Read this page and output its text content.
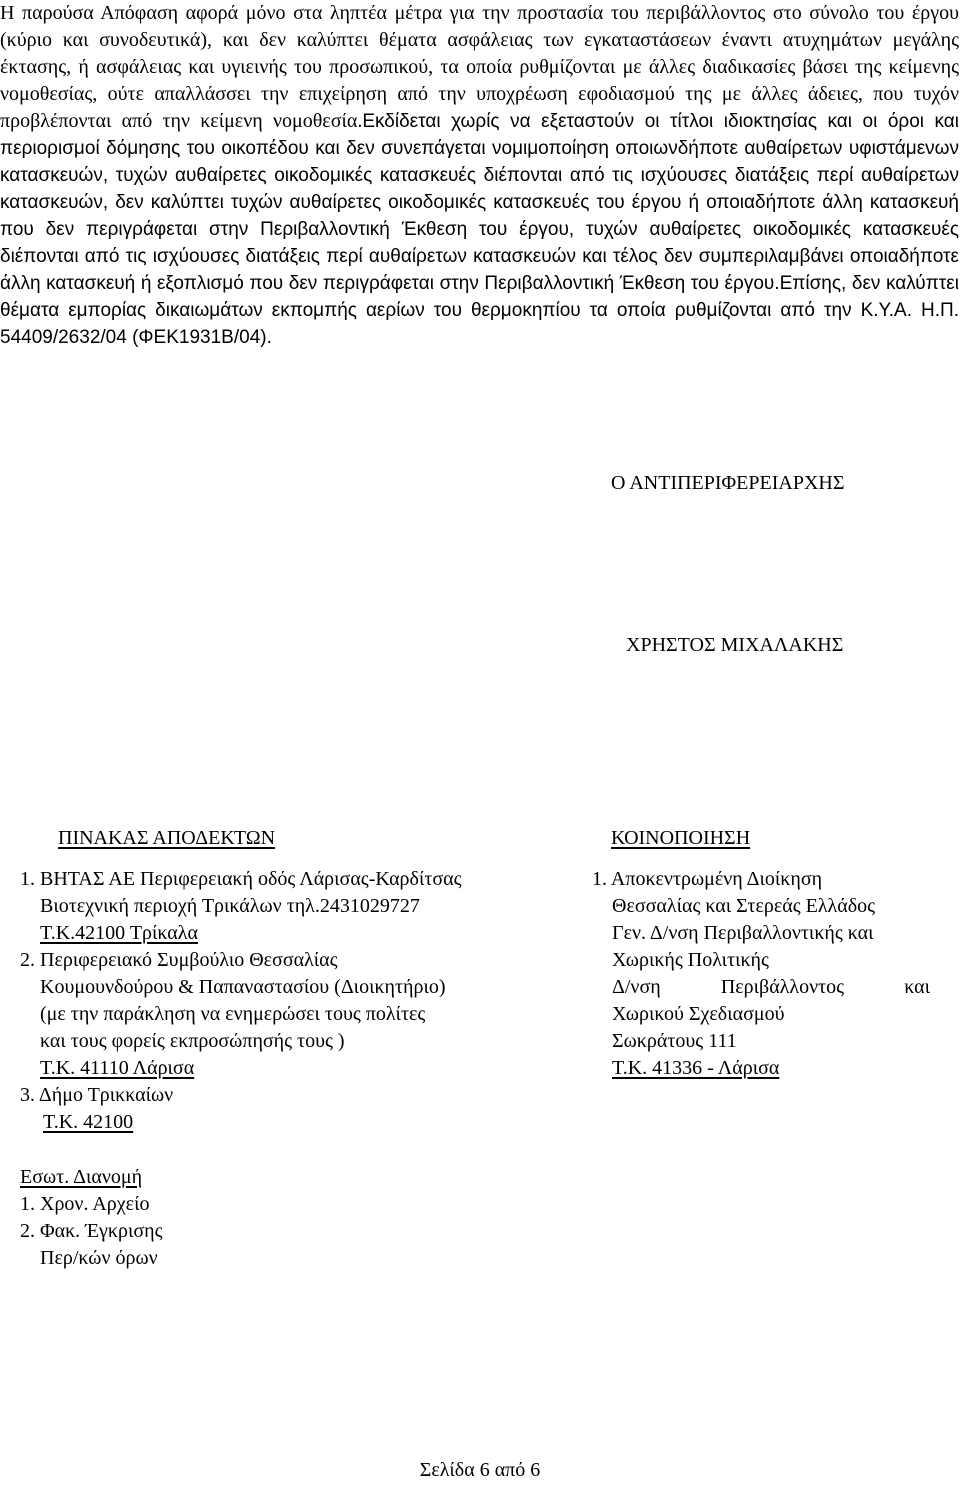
Η παρούσα Απόφαση αφορά μόνο στα ληπτέα μέτρα για την προστασία του περιβάλλοντος στο σύνολο του έργου (κύριο και συνοδευτικά), και δεν καλύπτει θέματα ασφάλειας των εγκαταστάσεων έναντι ατυχημάτων μεγάλης έκτασης, ή ασφάλειας και υγιεινής του προσωπικού, τα οποία ρυθμίζονται με άλλες διαδικασίες βάσει της κείμενης νομοθεσίας, ούτε απαλλάσσει την επιχείρηση από την υποχρέωση εφοδιασμού της με άλλες άδειες, που τυχόν προβλέπονται από την κείμενη νομοθεσία.Εκδίδεται χωρίς να εξεταστούν οι τίτλοι ιδιοκτησίας και οι όροι και περιορισμοί δόμησης του οικοπέδου και δεν συνεπάγεται νομιμοποίηση οποιωνδήποτε αυθαίρετων υφιστάμενων κατασκευών, τυχών αυθαίρετες οικοδομικές κατασκευές διέπονται από τις ισχύουσες διατάξεις περί αυθαίρετων κατασκευών, δεν καλύπτει τυχών αυθαίρετες οικοδομικές κατασκευές του έργου ή οποιαδήποτε άλλη κατασκευή που δεν περιγράφεται στην Περιβαλλοντική Έκθεση του έργου, τυχών αυθαίρετες οικοδομικές κατασκευές διέπονται από τις ισχύουσες διατάξεις περί αυθαίρετων κατασκευών και τέλος δεν συμπεριλαμβάνει οποιαδήποτε άλλη κατασκευή ή εξοπλισμό που δεν περιγράφεται στην Περιβαλλοντική Έκθεση του έργου.Επίσης, δεν καλύπτει θέματα εμπορίας δικαιωμάτων εκπομπής αερίων του θερμοκηπίου τα οποία ρυθμίζονται από την Κ.Υ.Α. Η.Π. 54409/2632/04 (ΦΕΚ1931Β/04).

Ο ΑΝΤΙΠΕΡΙΦΕΡΕΙΑΡΧΗΣ
ΧΡΗΣΤΟΣ ΜΙΧΑΛΑΚΗΣ
ΠΙΝΑΚΑΣ ΑΠΟΔΕΚΤΩΝ
1. ΒΗΤΑΣ ΑΕ Περιφερειακή οδός Λάρισας-Καρδίτσας
Βιοτεχνική περιοχή Τρικάλων τηλ.2431029727
Τ.Κ.42100 Τρίκαλα
2. Περιφερειακό Συμβούλιο Θεσσαλίας
Κουμουνδούρου & Παπαναστασίου (Διοικητήριο)
(με την παράκληση να ενημερώσει τους πολίτες
και τους φορείς εκπροσώπησής τους )
Τ.Κ. 41110 Λάρισα
3. Δήμο Τρικκαίων
Τ.Κ. 42100
Εσωτ. Διανομή
1. Χρον. Αρχείο
2. Φακ. Έγκρισης
Περ/κών όρων
ΚΟΙΝΟΠΟΙΗΣΗ
1. Αποκεντρωμένη Διοίκηση
Θεσσαλίας και Στερεάς Ελλάδος
Γεν. Δ/νση Περιβαλλοντικής και
Χωρικής Πολιτικής
Δ/νση	Περιβάλλοντος	και
Χωρικού Σχεδιασμού
Σωκράτους 111
Τ.Κ. 41336 - Λάρισα
Σελίδα 6 από 6
